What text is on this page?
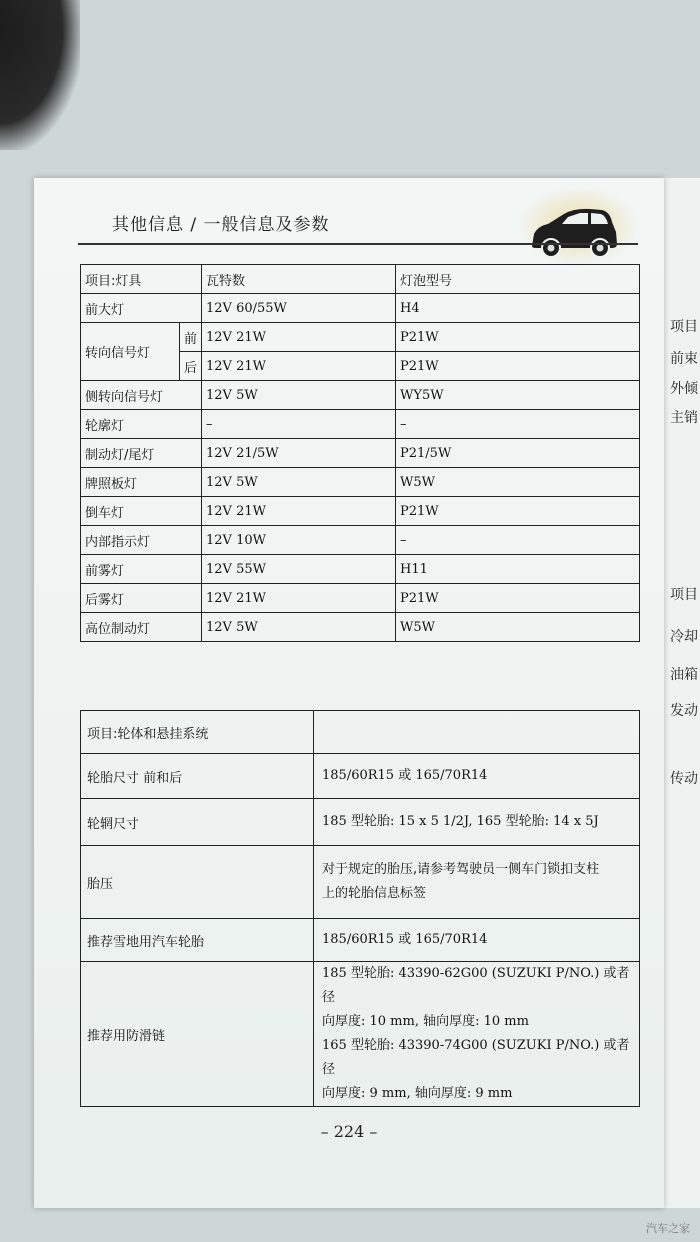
项目
前束
外倾
主销
项目
冷却
油箱
发动
传动
其他信息 / 一般信息及参数
项目:灯具		瓦特数	灯泡型号
前大灯		12V 60/55W	H4
转向信号灯	前	12V 21W	P21W
	后	12V 21W	P21W
侧转向信号灯		12V 5W	WY5W
轮廓灯		–	–
制动灯/尾灯		12V 21/5W	P21/5W
牌照板灯		12V 5W	W5W
倒车灯		12V 21W	P21W
内部指示灯		12V 10W	–
前雾灯		12V 55W	H11
后雾灯		12V 21W	P21W
高位制动灯		12V 5W	W5W
项目:轮体和悬挂系统	
轮胎尺寸 前和后	185/60R15 或 165/70R14

轮辋尺寸	185 型轮胎: 15 x 5 1/2J, 165 型轮胎: 14 x 5J

胎压	对于规定的胎压,请参考驾驶员一侧车门锁扣支柱
上的轮胎信息标签

推荐雪地用汽车轮胎	185/60R15 或 165/70R14

推荐用防滑链	185 型轮胎: 43390-62G00 (SUZUKI P/NO.) 或者径
向厚度: 10 mm, 轴向厚度: 10 mm
165 型轮胎: 43390-74G00 (SUZUKI P/NO.) 或者径
向厚度: 9 mm, 轴向厚度: 9 mm
– 224 –
汽车之家
